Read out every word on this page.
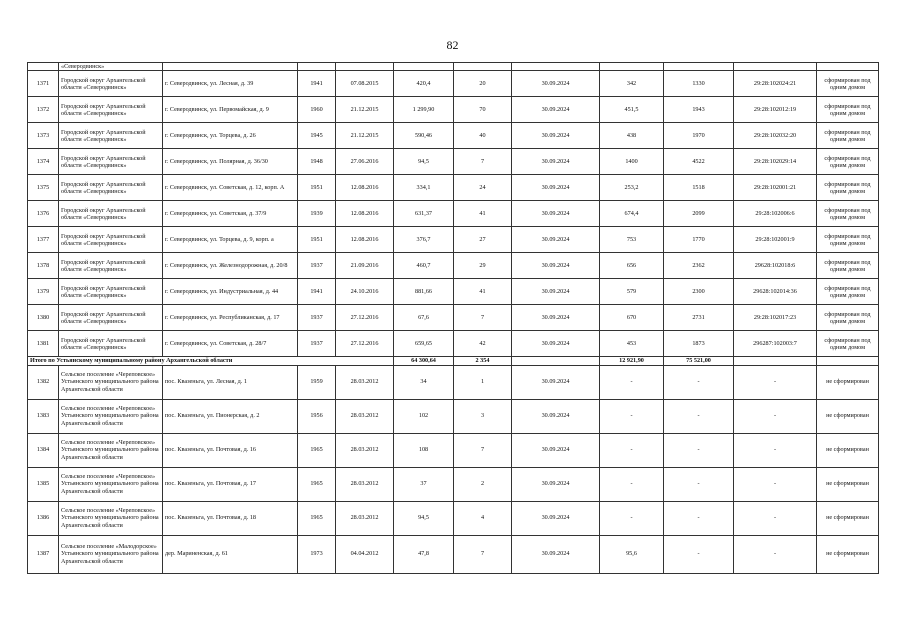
82
	«Северодвинск»										
1371	Городской округ Архангельской области «Северодвинск»	г. Северодвинск, ул. Лесная, д. 39	1941	07.08.2015	420,4	20	30.09.2024	342	1330	29:28:102024:21	сформирован под одним домом
1372	Городской округ Архангельской области «Северодвинск»	г. Северодвинск, ул. Первомайская, д. 9	1960	21.12.2015	1 299,90	70	30.09.2024	451,5	1943	29:28:102012:19	сформирован под одним домом
1373	Городской округ Архангельской области «Северодвинск»	г. Северодвинск, ул. Торцева, д. 26	1945	21.12.2015	590,46	40	30.09.2024	438	1970	29:28:102032:20	сформирован под одним домом
1374	Городской округ Архангельской области «Северодвинск»	г. Северодвинск, ул. Полярная, д. 36/30	1948	27.06.2016	94,5	7	30.09.2024	1400	4522	29:28:102029:14	сформирован под одним домом
1375	Городской округ Архангельской области «Северодвинск»	г. Северодвинск, ул. Советская, д. 12, корп. А	1951	12.08.2016	334,1	24	30.09.2024	253,2	1518	29:28:102001:21	сформирован под одним домом
1376	Городской округ Архангельской области «Северодвинск»	г. Северодвинск, ул. Советская, д. 37/9	1939	12.08.2016	631,37	41	30.09.2024	674,4	2099	29:28:102006:6	сформирован под одним домом
1377	Городской округ Архангельской области «Северодвинск»	г. Северодвинск, ул. Торцева, д. 9, корп. а	1951	12.08.2016	376,7	27	30.09.2024	753	1770	29:28:102001:9	сформирован под одним домом
1378	Городской округ Архангельской области «Северодвинск»	г. Северодвинск, ул. Железнодорожная, д. 20/8	1937	21.09.2016	460,7	29	30.09.2024	656	2362	29628:102018:6	сформирован под одним домом
1379	Городской округ Архангельской области «Северодвинск»	г. Северодвинск, ул. Индустриальная, д. 44	1941	24.10.2016	881,66	41	30.09.2024	579	2300	29628:102014:36	сформирован под одним домом
1380	Городской округ Архангельской области «Северодвинск»	г. Северодвинск, ул. Республиканская, д. 17	1937	27.12.2016	67,6	7	30.09.2024	670	2731	29:28:102017:23	сформирован под одним домом
1381	Городской округ Архангельской области «Северодвинск»	г. Северодвинск, ул. Советская, д. 28/7	1937	27.12.2016	659,65	42	30.09.2024	453	1873	296287:102003:7	сформирован под одним домом
Итого по Устьянскому муниципальному району Архангельской области					64 300,64	2 354		12 921,90	75 521,00		
1382	Сельское поселение «Череповское» Устьянского муниципального района Архангельской области	пос. Квазеньга, ул. Лесная, д. 1	1959	28.03.2012	34	1	30.09.2024	-	-	-	не сформирован
1383	Сельское поселение «Череповское» Устьянского муниципального района Архангельской области	пос. Квазеньга, ул. Пионерская, д. 2	1956	28.03.2012	102	3	30.09.2024	-	-	-	не сформирован
1384	Сельское поселение «Череповское» Устьянского муниципального района Архангельской области	пос. Квазеньга, ул. Почтовая, д. 16	1965	28.03.2012	108	7	30.09.2024	-	-	-	не сформирован
1385	Сельское поселение «Череповское» Устьянского муниципального района Архангельской области	пос. Квазеньга, ул. Почтовая, д. 17	1965	28.03.2012	37	2	30.09.2024	-	-	-	не сформирован
1386	Сельское поселение «Череповское» Устьянского муниципального района Архангельской области	пос. Квазеньга, ул. Почтовая, д. 18	1965	28.03.2012	94,5	4	30.09.2024	-	-	-	не сформирован
1387	Сельское поселение «Малодорское» Устьянского муниципального района Архангельской области	дер. Мариненская, д. 61	1973	04.04.2012	47,8	7	30.09.2024	95,6	-	-	не сформирован
